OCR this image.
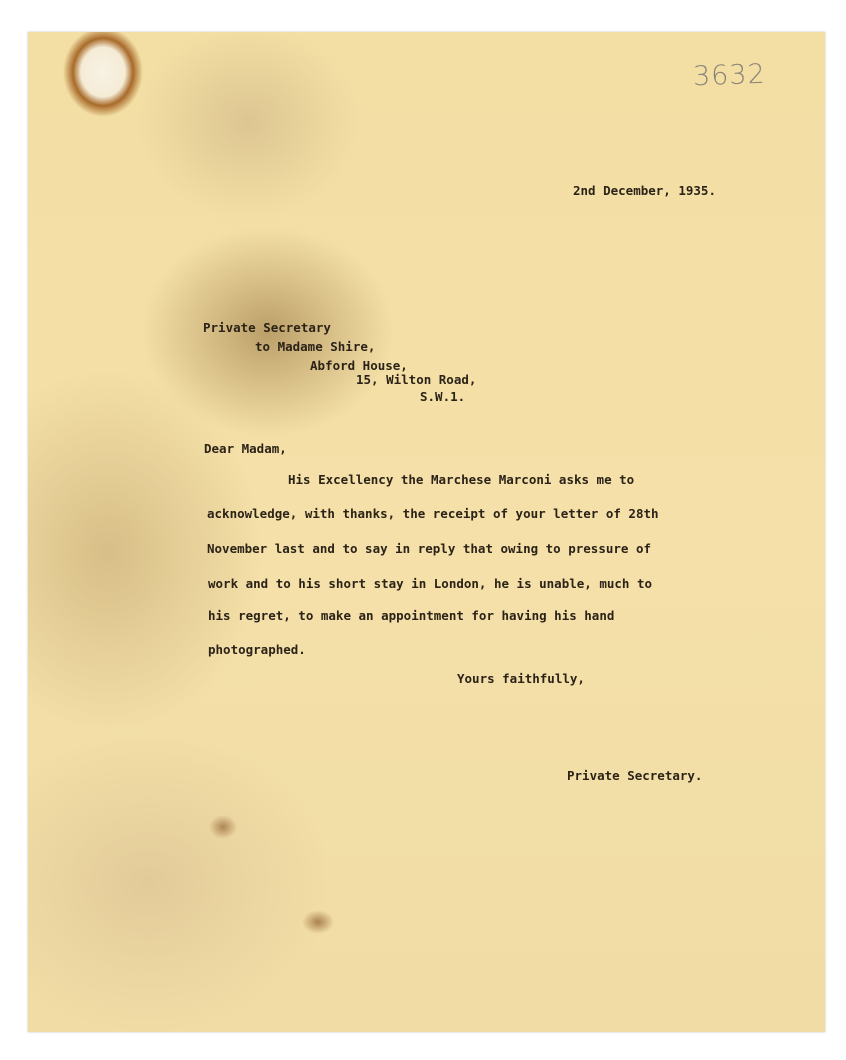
3632
2nd December, 1935.
Private Secretary
to Madame Shire,
Abford House,
15, Wilton Road,
S.W.1.
Dear Madam,
His Excellency the Marchese Marconi asks me to
acknowledge, with thanks, the receipt of your letter of 28th
November last and to say in reply that owing to pressure of
work and to his short stay in London, he is unable, much to
his regret, to make an appointment for having his hand
photographed.
Yours faithfully,
Private Secretary.
